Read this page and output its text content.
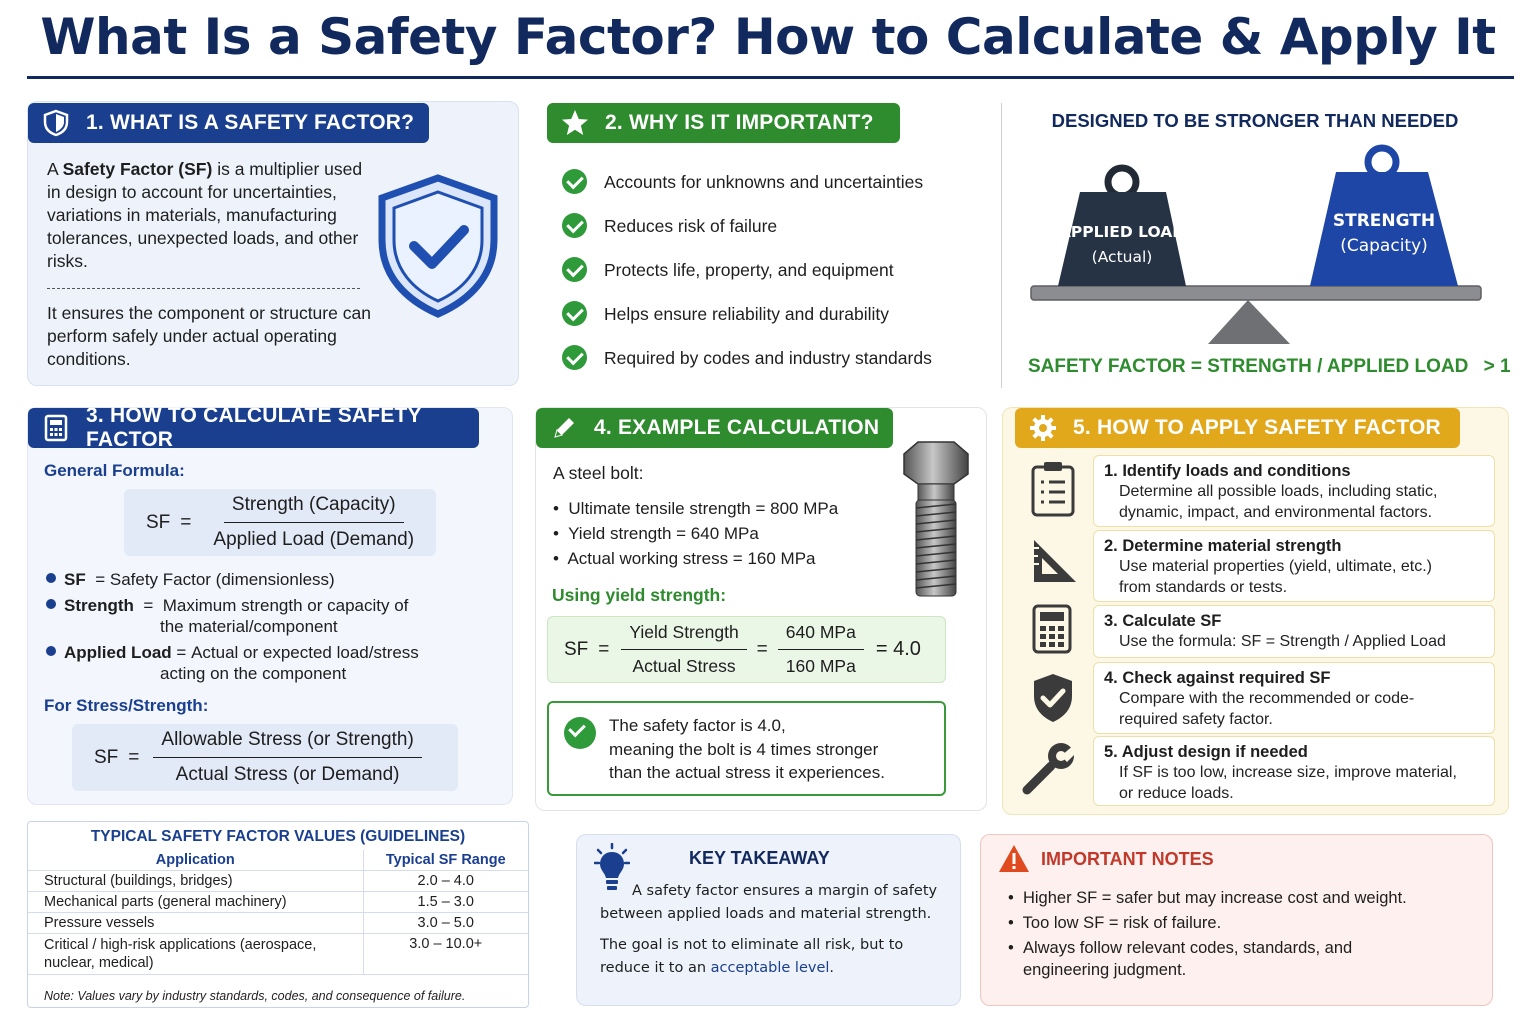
What Is a Safety Factor? How to Calculate & Apply It
1. WHAT IS A SAFETY FACTOR?
A Safety Factor (SF) is a multiplier used in design to account for uncertainties, variations in materials, manufacturing tolerances, unexpected loads, and other risks.
It ensures the component or structure can perform safely under actual operating conditions.
2. WHY IS IT IMPORTANT?
Accounts for unknowns and uncertainties
Reduces risk of failure
Protects life, property, and equipment
Helps ensure reliability and durability
Required by codes and industry standards
DESIGNED TO BE STRONGER THAN NEEDED
APPLIED LOAD
(Actual)
STRENGTH
(Capacity)
SAFETY FACTOR = STRENGTH / APPLIED LOAD > 1
3. HOW TO CALCULATE SAFETY FACTOR
General Formula:
SF = $\frac{\text{Strength (Capacity)}}{\text{Applied Load (Demand)}}$
SF = Safety Factor (dimensionless)
Strength = Maximum strength or capacity of
the material/component
Applied Load = Actual or expected load/stress
acting on the component
For Stress/Strength:
SF = $\frac{\text{Allowable Stress (or Strength)}}{\text{Actual Stress (or Demand)}}$
4. EXAMPLE CALCULATION
A steel bolt:
•  Ultimate tensile strength = 800 MPa
•  Yield strength = 640 MPa
•  Actual working stress = 160 MPa
Using yield strength:
SF = $\frac{\text{Yield Strength}}{\text{Actual Stress}} = \frac{\text{640 MPa}}{\text{160 MPa}} = 4.0$
The safety factor is 4.0,
meaning the bolt is 4 times stronger
than the actual stress it experiences.
5. HOW TO APPLY SAFETY FACTOR
1. Identify loads and conditions
Determine all possible loads, including static,
dynamic, impact, and environmental factors.
2. Determine material strength
Use material properties (yield, ultimate, etc.)
from standards or tests.
3. Calculate SF
Use the formula: SF = Strength / Applied Load
4. Check against required SF
Compare with the recommended or code-
required safety factor.
5. Adjust design if needed
If SF is too low, increase size, improve material,
or reduce loads.
TYPICAL SAFETY FACTOR VALUES (GUIDELINES)
Application	Typical SF Range
Structural (buildings, bridges)	2.0 – 4.0
Mechanical parts (general machinery)	1.5 – 3.0
Pressure vessels	3.0 – 5.0
Critical / high-risk applications (aerospace, nuclear, medical)	3.0 – 10.0+
Note: Values vary by industry standards, codes, and consequence of failure.
KEY TAKEAWAY
A safety factor ensures a margin of safety
between applied loads and material strength.
The goal is not to eliminate all risk, but to reduce it to an acceptable level.
IMPORTANT NOTES
•  Higher SF = safer but may increase cost and weight.
•  Too low SF = risk of failure.
• Always follow relevant codes, standards, and engineering judgment.
